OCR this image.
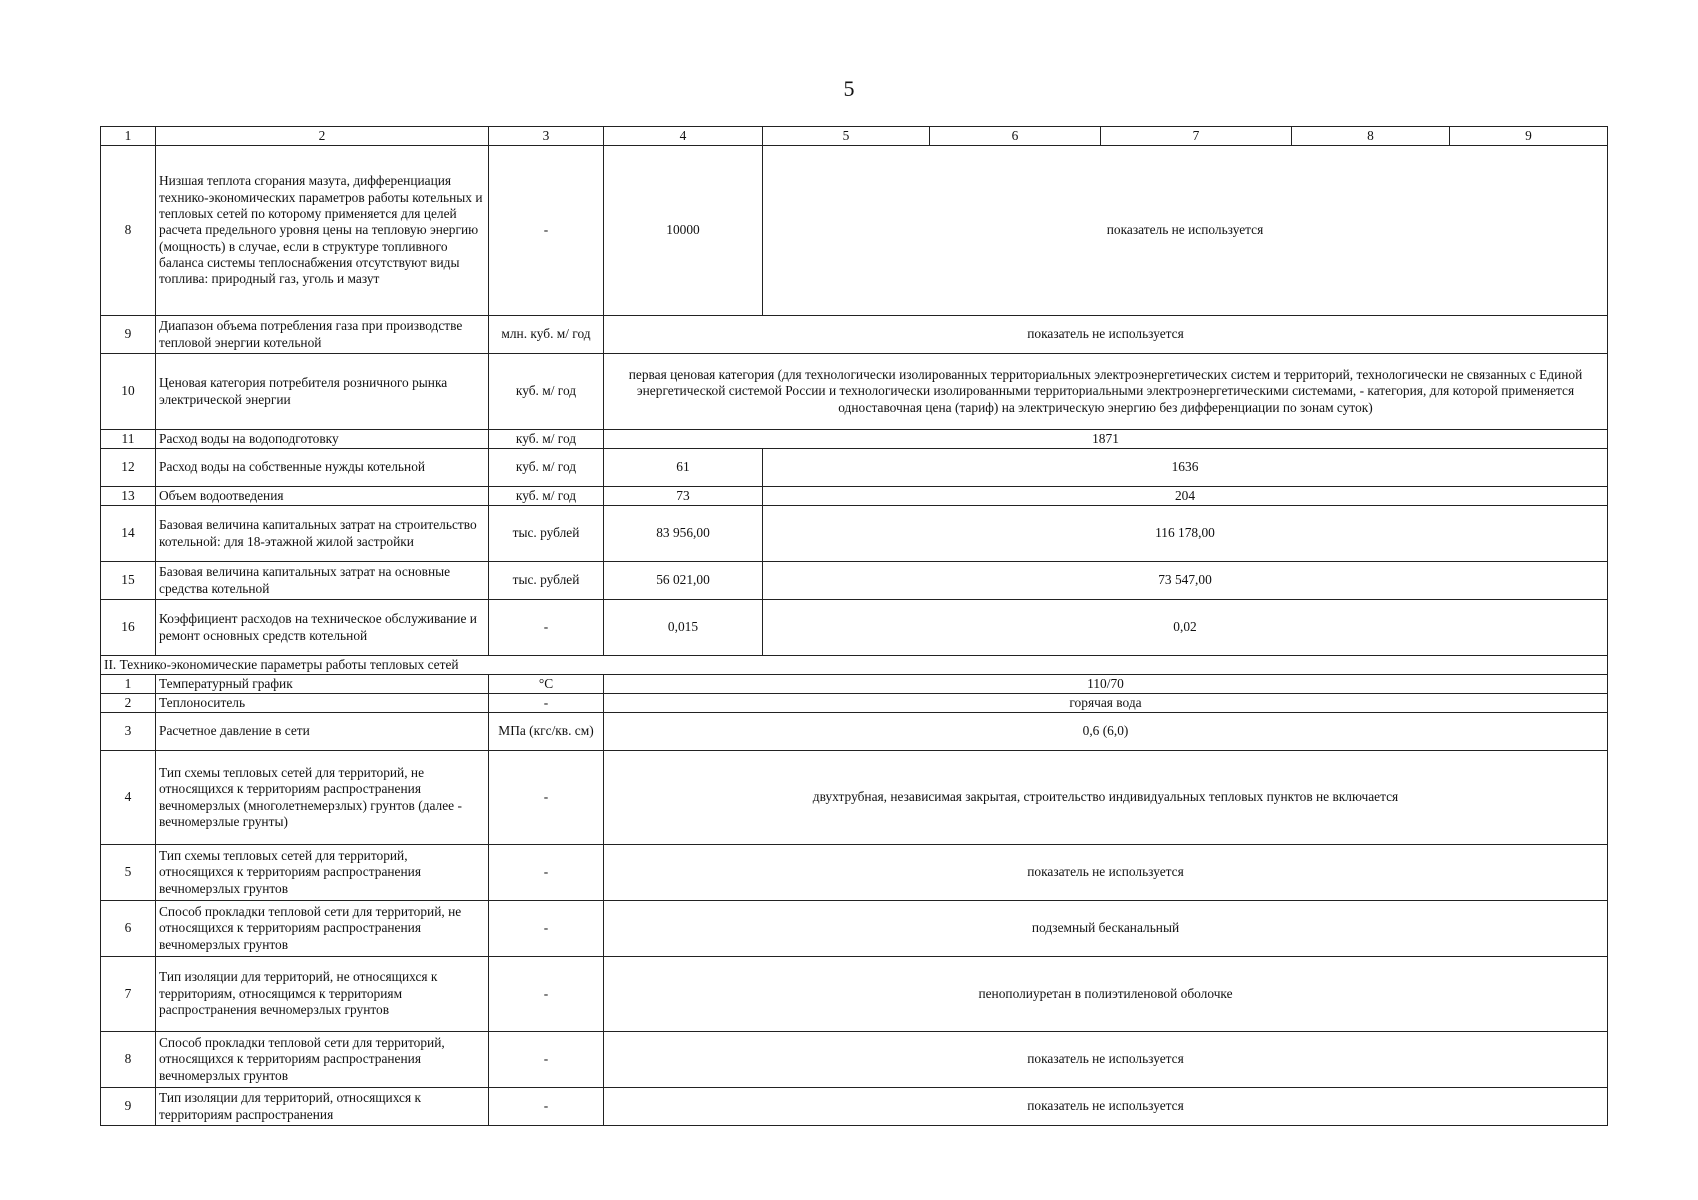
5
1	2	3	4	5	6	7	8	9
8	Низшая теплота сгорания мазута, дифференциация технико-экономических параметров работы котельных и тепловых сетей по которому применяется для целей расчета предельного уровня цены на тепловую энергию (мощность) в случае, если в структуре топливного баланса системы теплоснабжения отсутствуют виды топлива: природный газ, уголь и мазут	-	10000	показатель не используется				
9	Диапазон объема потребления газа при производстве тепловой энергии котельной	млн. куб. м/ год	показатель не используется					
10	Ценовая категория потребителя розничного рынка электрической энергии	куб. м/ год	первая ценовая категория (для технологически изолированных территориальных электроэнергетических систем и территорий, технологически не связанных с Единой энергетической системой России и технологически изолированными территориальными электроэнергетическими системами, - категория, для которой применяется одноставочная цена (тариф) на электрическую энергию без дифференциации по зонам суток)					
11	Расход воды на водоподготовку	куб. м/ год	1871					
12	Расход воды на собственные нужды котельной	куб. м/ год	61	1636				
13	Объем водоотведения	куб. м/ год	73	204				
14	Базовая величина капитальных затрат на строительство котельной: для 18-этажной жилой застройки	тыс. рублей	83 956,00	116 178,00				
15	Базовая величина капитальных затрат на основные средства котельной	тыс. рублей	56 021,00	73 547,00				
16	Коэффициент расходов на техническое обслуживание и ремонт основных средств котельной	-	0,015	0,02				
II. Технико-экономические параметры работы тепловых сетей								
1	Температурный график	°С	110/70					
2	Теплоноситель	-	горячая вода					
3	Расчетное давление в сети	МПа (кгс/кв. см)	0,6 (6,0)					
4	Тип схемы тепловых сетей для территорий, не относящихся к территориям распространения вечномерзлых (многолетнемерзлых) грунтов (далее - вечномерзлые грунты)	-	двухтрубная, независимая закрытая, строительство индивидуальных тепловых пунктов не включается					
5	Тип схемы тепловых сетей для территорий, относящихся к территориям распространения вечномерзлых грунтов	-	показатель не используется					
6	Способ прокладки тепловой сети для территорий, не относящихся к территориям распространения вечномерзлых грунтов	-	подземный бесканальный					
7	Тип изоляции для территорий, не относящихся к территориям, относящимся к территориям распространения вечномерзлых грунтов	-	пенополиуретан в полиэтиленовой оболочке					
8	Способ прокладки тепловой сети для территорий, относящихся к территориям распространения вечномерзлых грунтов	-	показатель не используется					
9	Тип изоляции для территорий, относящихся к территориям распространения	-	показатель не используется					
